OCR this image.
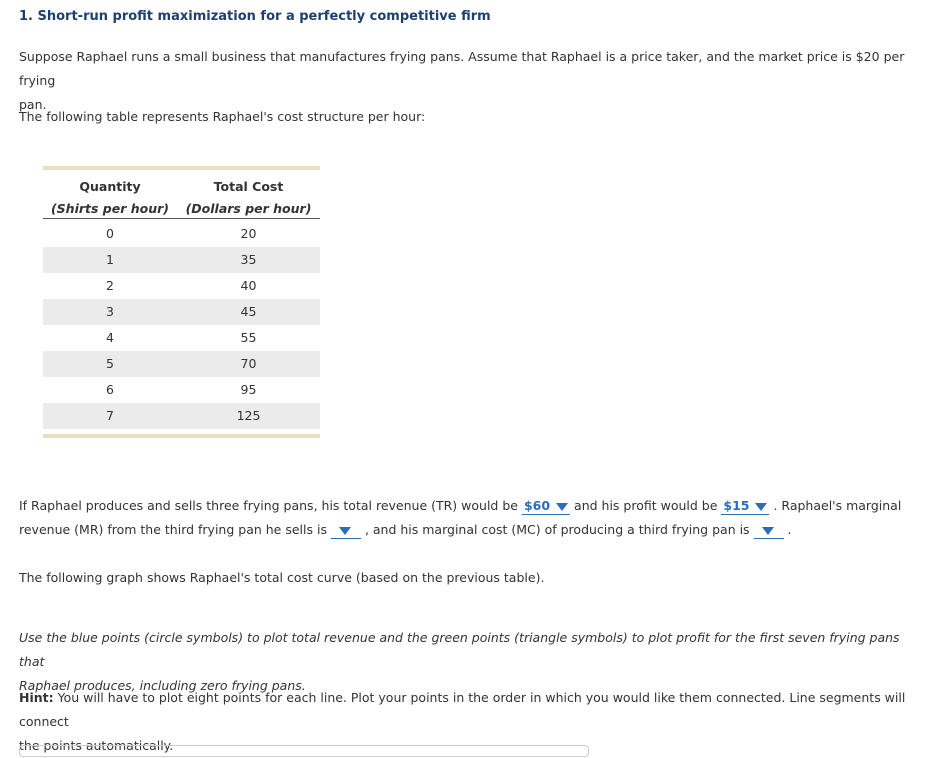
1. Short-run profit maximization for a perfectly competitive firm
Suppose Raphael runs a small business that manufactures frying pans. Assume that Raphael is a price taker, and the market price is $20 per frying
pan.
The following table represents Raphael's cost structure per hour:
Quantity
(Shirts per hour)
Total Cost
(Dollars per hour)
0	20
1	35
2	40
3	45
4	55
5	70
6	95
7	125
If Raphael produces and sells three frying pans, his total revenue (TR) would be $60 and his profit would be $15 . Raphael's marginal
revenue (MR) from the third frying pan he sells is	, and his marginal cost (MC) of producing a third frying pan is	.
The following graph shows Raphael's total cost curve (based on the previous table).
Use the blue points (circle symbols) to plot total revenue and the green points (triangle symbols) to plot profit for the first seven frying pans that
Raphael produces, including zero frying pans.
Hint: You will have to plot eight points for each line. Plot your points in the order in which you would like them connected. Line segments will connect
the points automatically.
